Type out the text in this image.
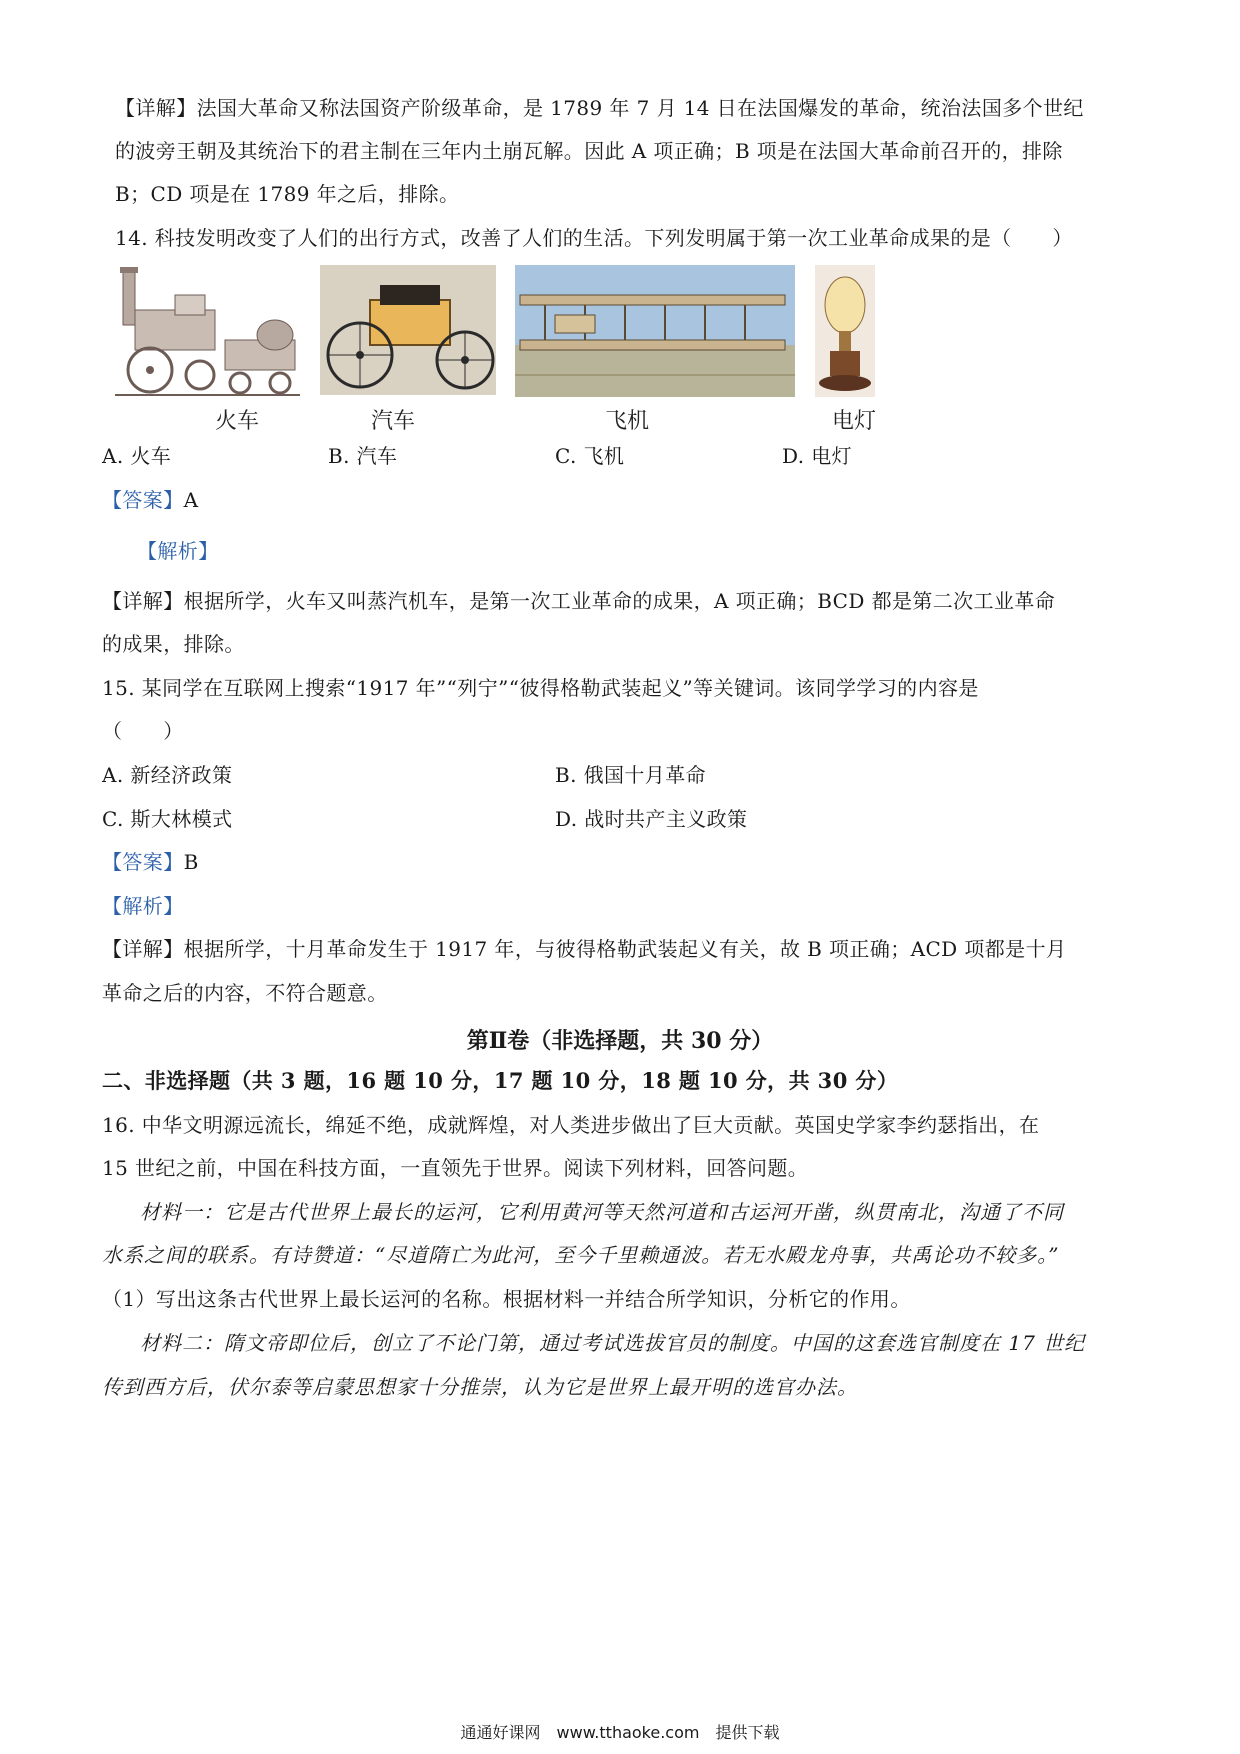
【详解】法国大革命又称法国资产阶级革命，是 1789 年 7 月 14 日在法国爆发的革命，统治法国多个世纪
的波旁王朝及其统治下的君主制在三年内土崩瓦解。因此 A 项正确；B 项是在法国大革命前召开的，排除
B；CD 项是在 1789 年之后，排除。
14. 科技发明改变了人们的出行方式，改善了人们的生活。下列发明属于第一次工业革命成果的是（　　）
火车	汽车	飞机	电灯
A. 火车	B. 汽车	C. 飞机	D. 电灯
【答案】A
【解析】
【详解】根据所学，火车又叫蒸汽机车，是第一次工业革命的成果，A 项正确；BCD 都是第二次工业革命
的成果，排除。
15. 某同学在互联网上搜索“1917 年”“列宁”“彼得格勒武装起义”等关键词。该同学学习的内容是
（　　）
A. 新经济政策	B. 俄国十月革命
C. 斯大林模式	D. 战时共产主义政策
【答案】B
【解析】
【详解】根据所学，十月革命发生于 1917 年，与彼得格勒武装起义有关，故 B 项正确；ACD 项都是十月
革命之后的内容，不符合题意。
第Ⅱ卷（非选择题，共 30 分）
二、非选择题（共 3 题，16 题 10 分，17 题 10 分，18 题 10 分，共 30 分）
16. 中华文明源远流长，绵延不绝，成就辉煌，对人类进步做出了巨大贡献。英国史学家李约瑟指出，在
15 世纪之前，中国在科技方面，一直领先于世界。阅读下列材料，回答问题。
材料一：它是古代世界上最长的运河，它利用黄河等天然河道和古运河开凿，纵贯南北，沟通了不同
水系之间的联系。有诗赞道：“尽道隋亡为此河，至今千里赖通波。若无水殿龙舟事，共禹论功不较多。”
（1）写出这条古代世界上最长运河的名称。根据材料一并结合所学知识，分析它的作用。
材料二：隋文帝即位后，创立了不论门第，通过考试选拔官员的制度。中国的这套选官制度在 17 世纪
传到西方后，伏尔泰等启蒙思想家十分推崇，认为它是世界上最开明的选官办法。
通通好课网　www.tthaoke.com　提供下载
